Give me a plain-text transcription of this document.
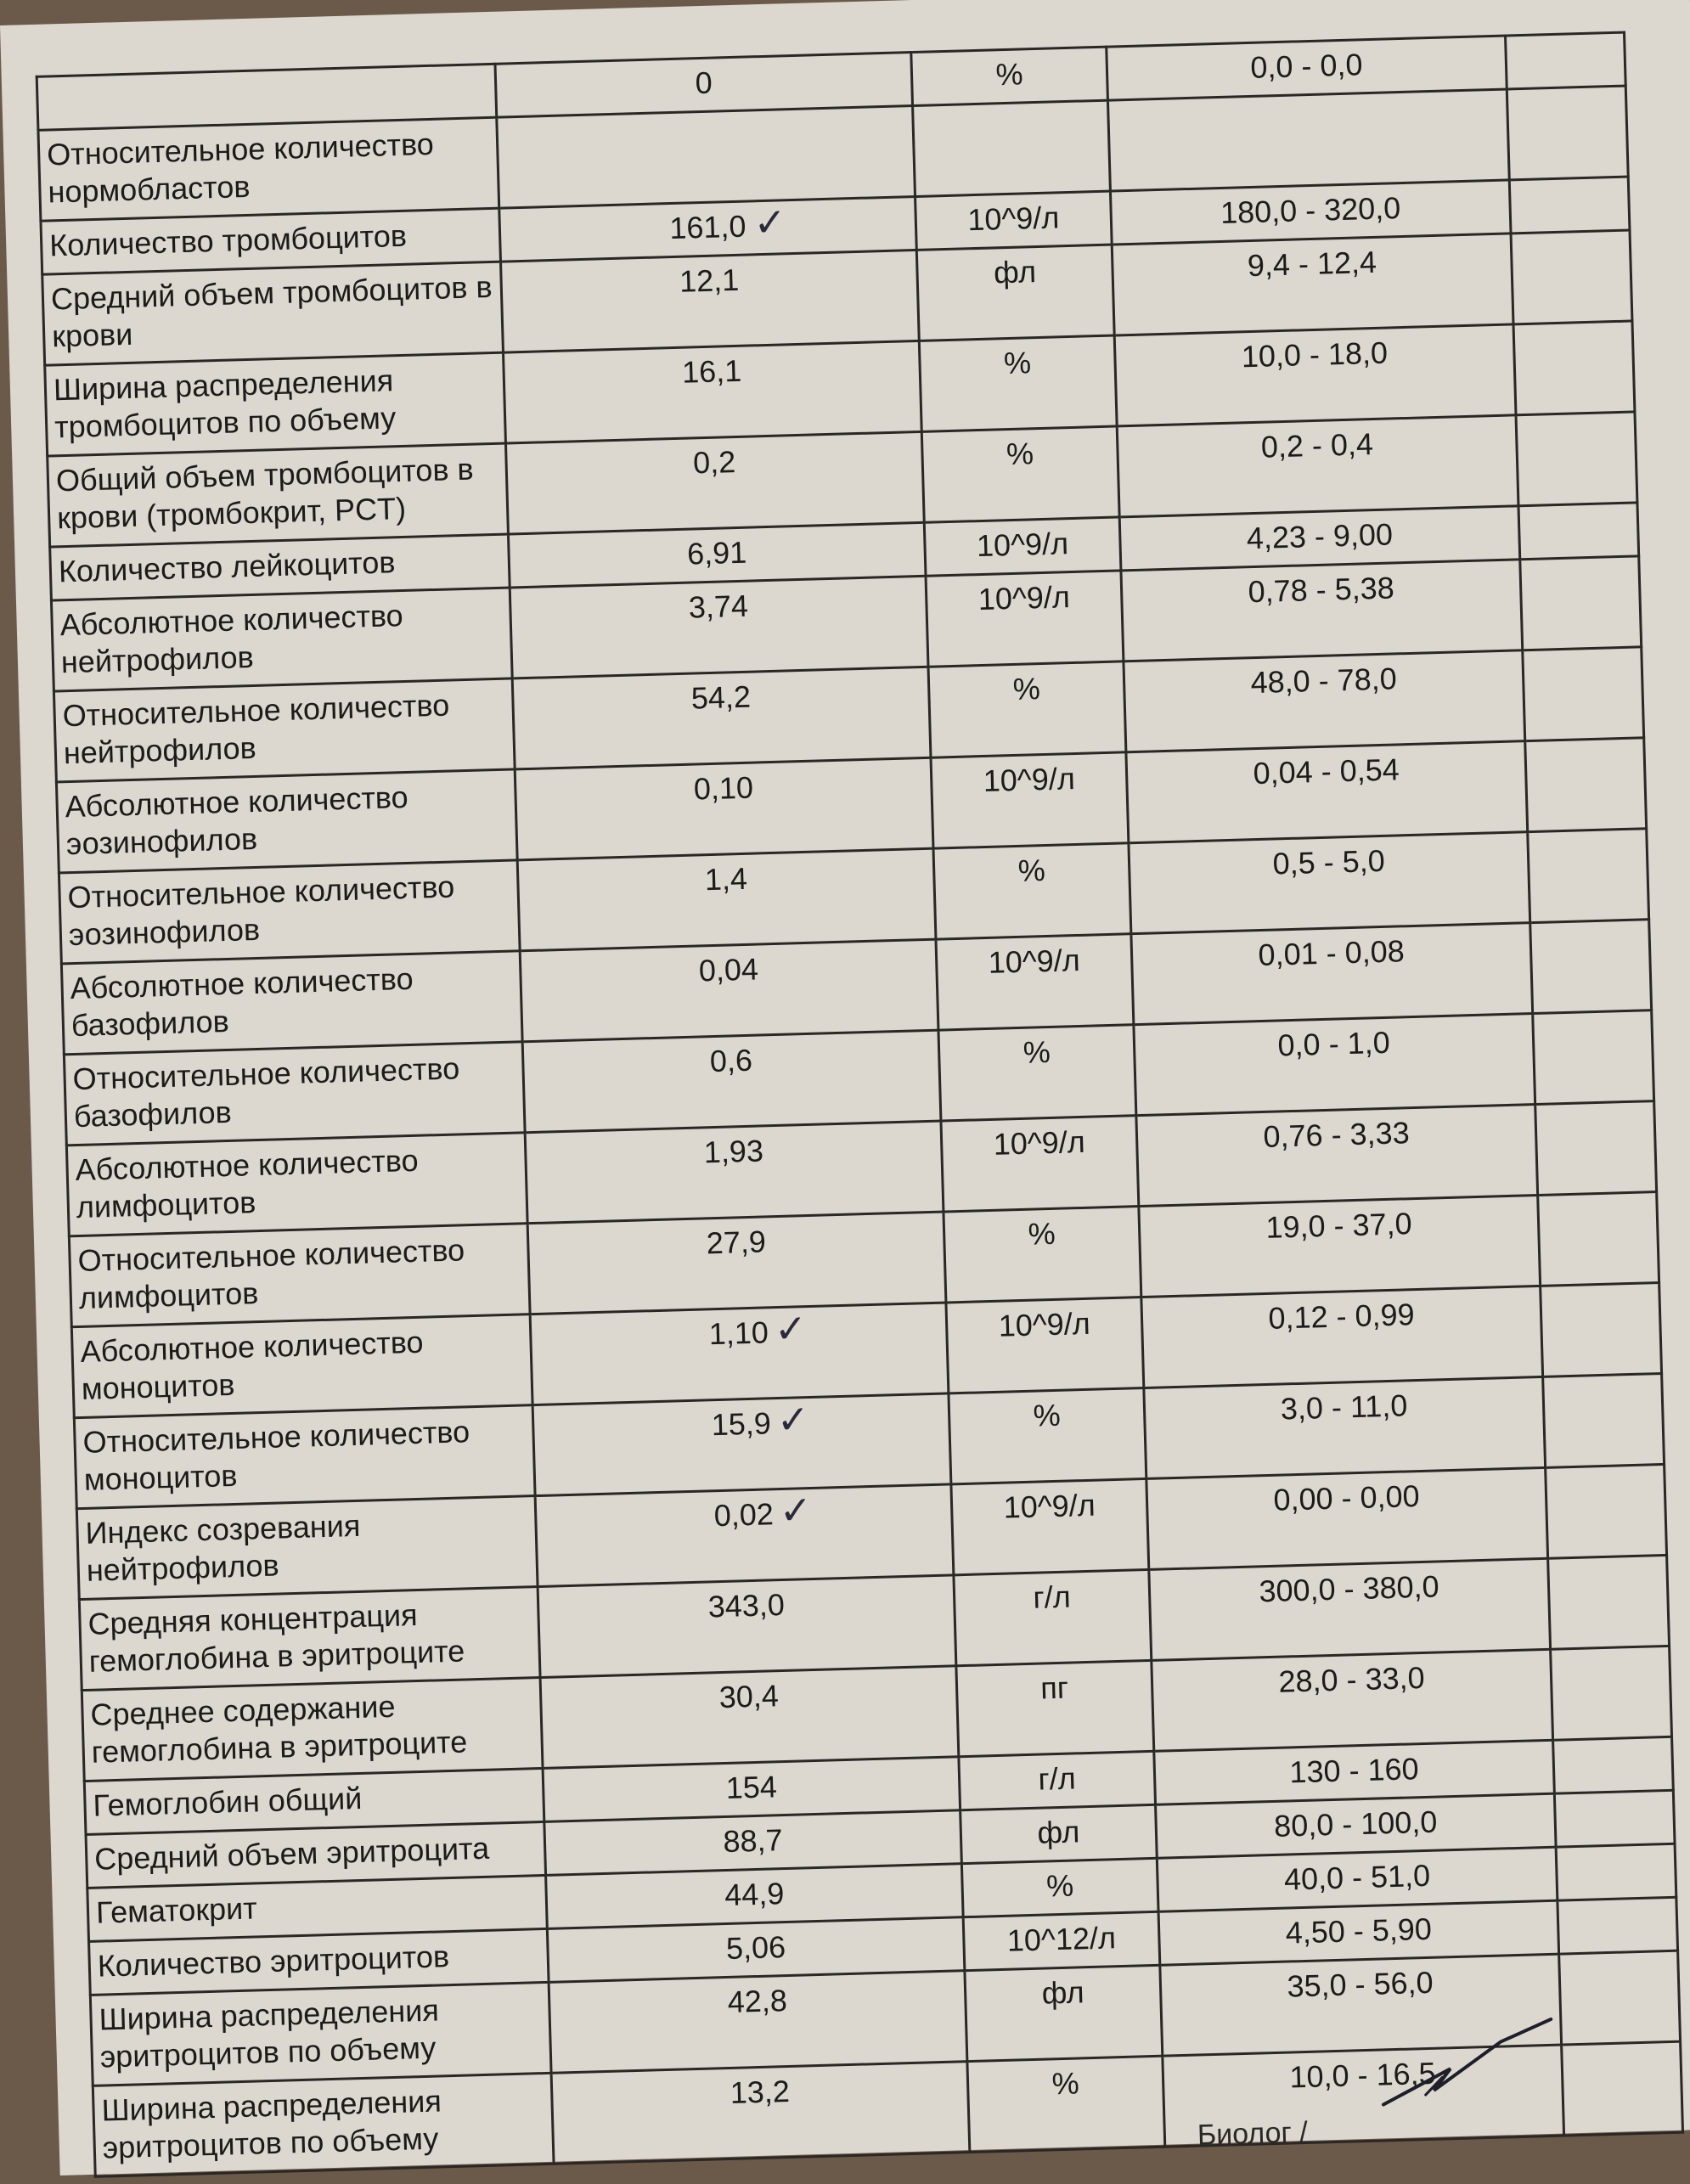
	0	%	0,0 - 0,0	
Относительное количество нормобластов				
Количество тромбоцитов	161,0 ✓	10^9/л	180,0 - 320,0	
Средний объем тромбоцитов в крови	12,1	фл	9,4 - 12,4	
Ширина распределения тромбоцитов по объему	16,1	%	10,0 - 18,0	
Общий объем тромбоцитов в крови (тромбокрит, PCT)	0,2	%	0,2 - 0,4	
Количество лейкоцитов	6,91	10^9/л	4,23 - 9,00	
Абсолютное количество нейтрофилов	3,74	10^9/л	0,78 - 5,38	
Относительное количество нейтрофилов	54,2	%	48,0 - 78,0	
Абсолютное количество эозинофилов	0,10	10^9/л	0,04 - 0,54	
Относительное количество эозинофилов	1,4	%	0,5 - 5,0	
Абсолютное количество базофилов	0,04	10^9/л	0,01 - 0,08	
Относительное количество базофилов	0,6	%	0,0 - 1,0	
Абсолютное количество лимфоцитов	1,93	10^9/л	0,76 - 3,33	
Относительное количество лимфоцитов	27,9	%	19,0 - 37,0	
Абсолютное количество моноцитов	1,10 ✓	10^9/л	0,12 - 0,99	
Относительное количество моноцитов	15,9 ✓	%	3,0 - 11,0	
Индекс созревания нейтрофилов	0,02 ✓	10^9/л	0,00 - 0,00	
Средняя концентрация гемоглобина в эритроците	343,0	г/л	300,0 - 380,0	
Среднее содержание гемоглобина в эритроците	30,4	пг	28,0 - 33,0	
Гемоглобин общий	154	г/л	130 - 160	
Средний объем эритроцита	88,7	фл	80,0 - 100,0	
Гематокрит	44,9	%	40,0 - 51,0	
Количество эритроцитов	5,06	10^12/л	4,50 - 5,90	
Ширина распределения эритроцитов по объему	42,8	фл	35,0 - 56,0	
Ширина распределения эритроцитов по объему	13,2	%	10,0 - 16,5	
Биолог /
